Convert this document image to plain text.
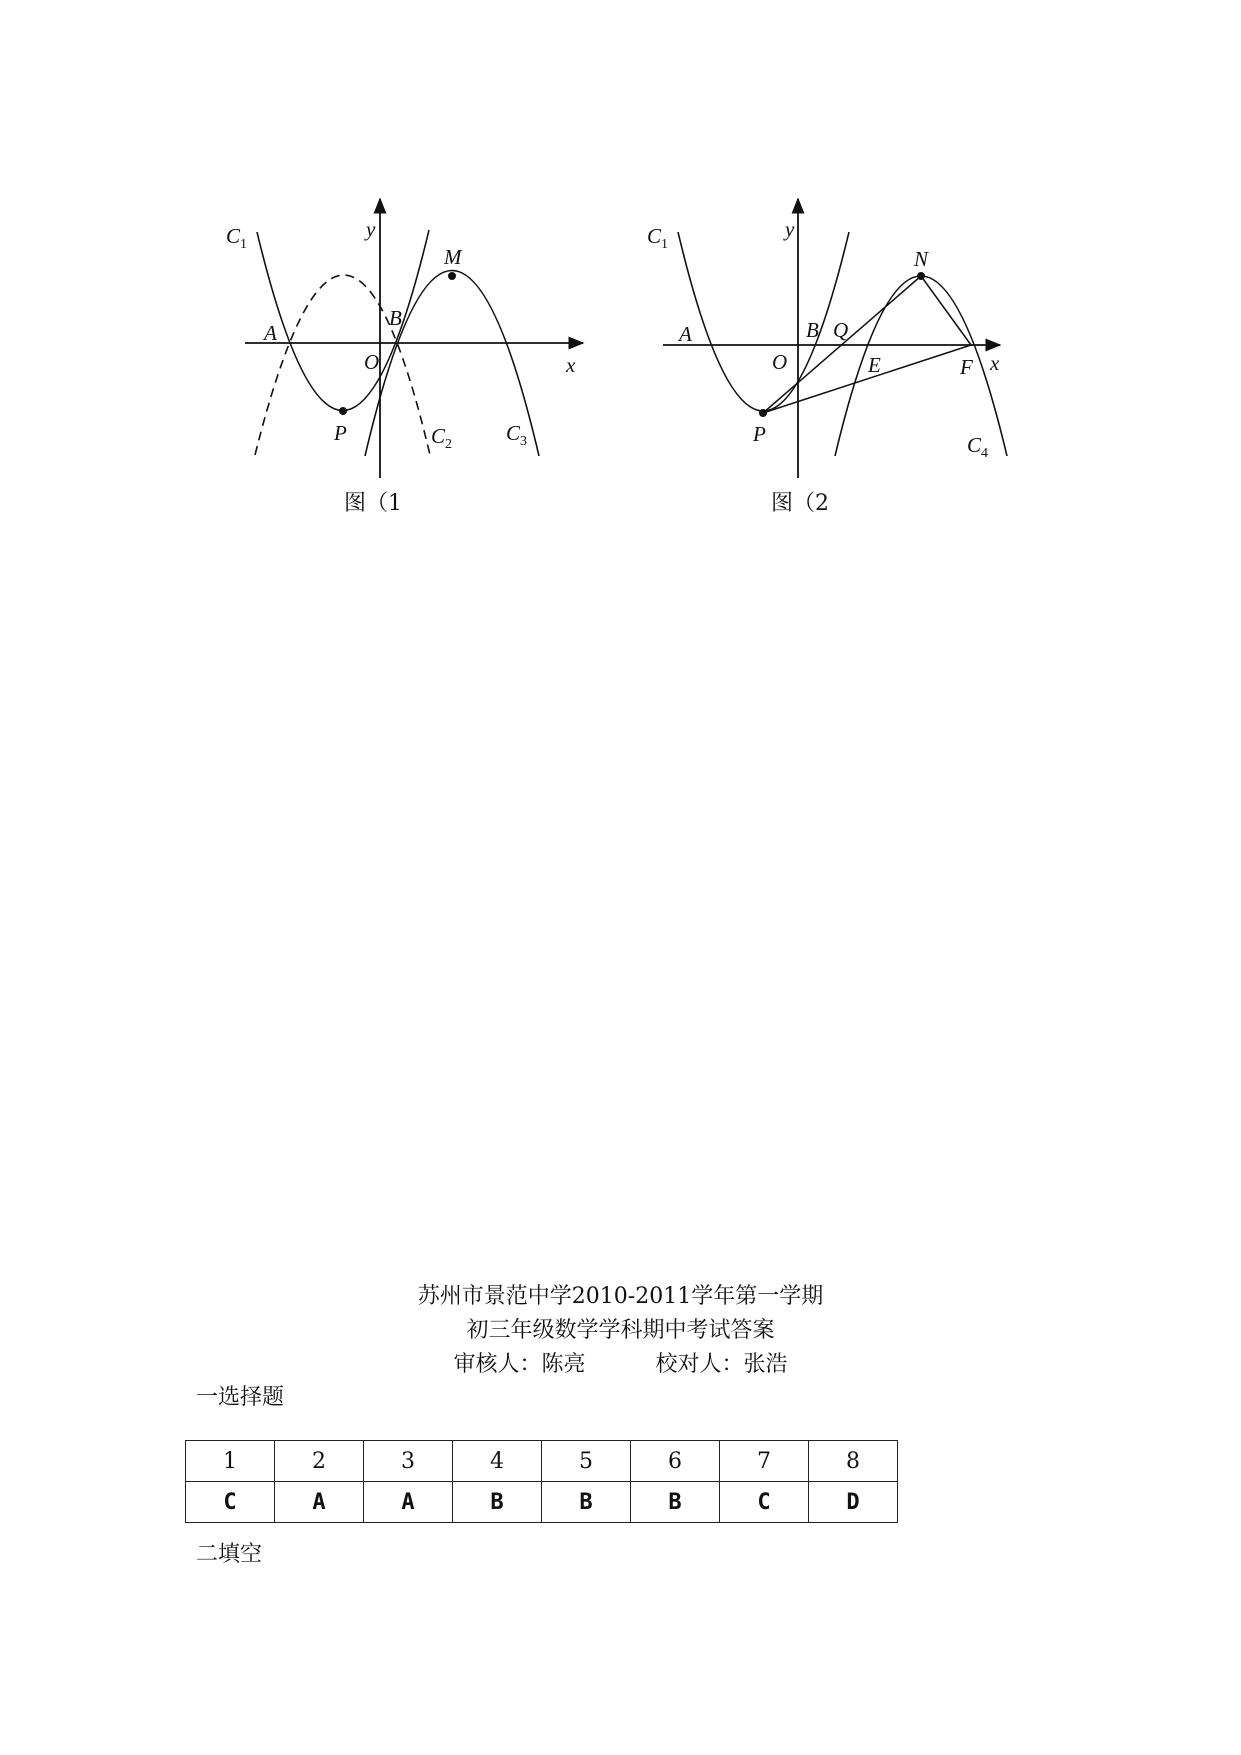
$C_1$
y
M
A
B
O	x
P	$C_2$	$C_3$
图（1
$C_1$
y
N
A	B Q
O	E	F x
P	$C_4$
图（2
苏州市景范中学2010-2011学年第一学期
初三年级数学学科期中考试答案
审核人：陈亮          校对人：张浩
一选择题
1	2	3	4	5	6	7	8
C	A	A	B	B	B	C	D
二填空
